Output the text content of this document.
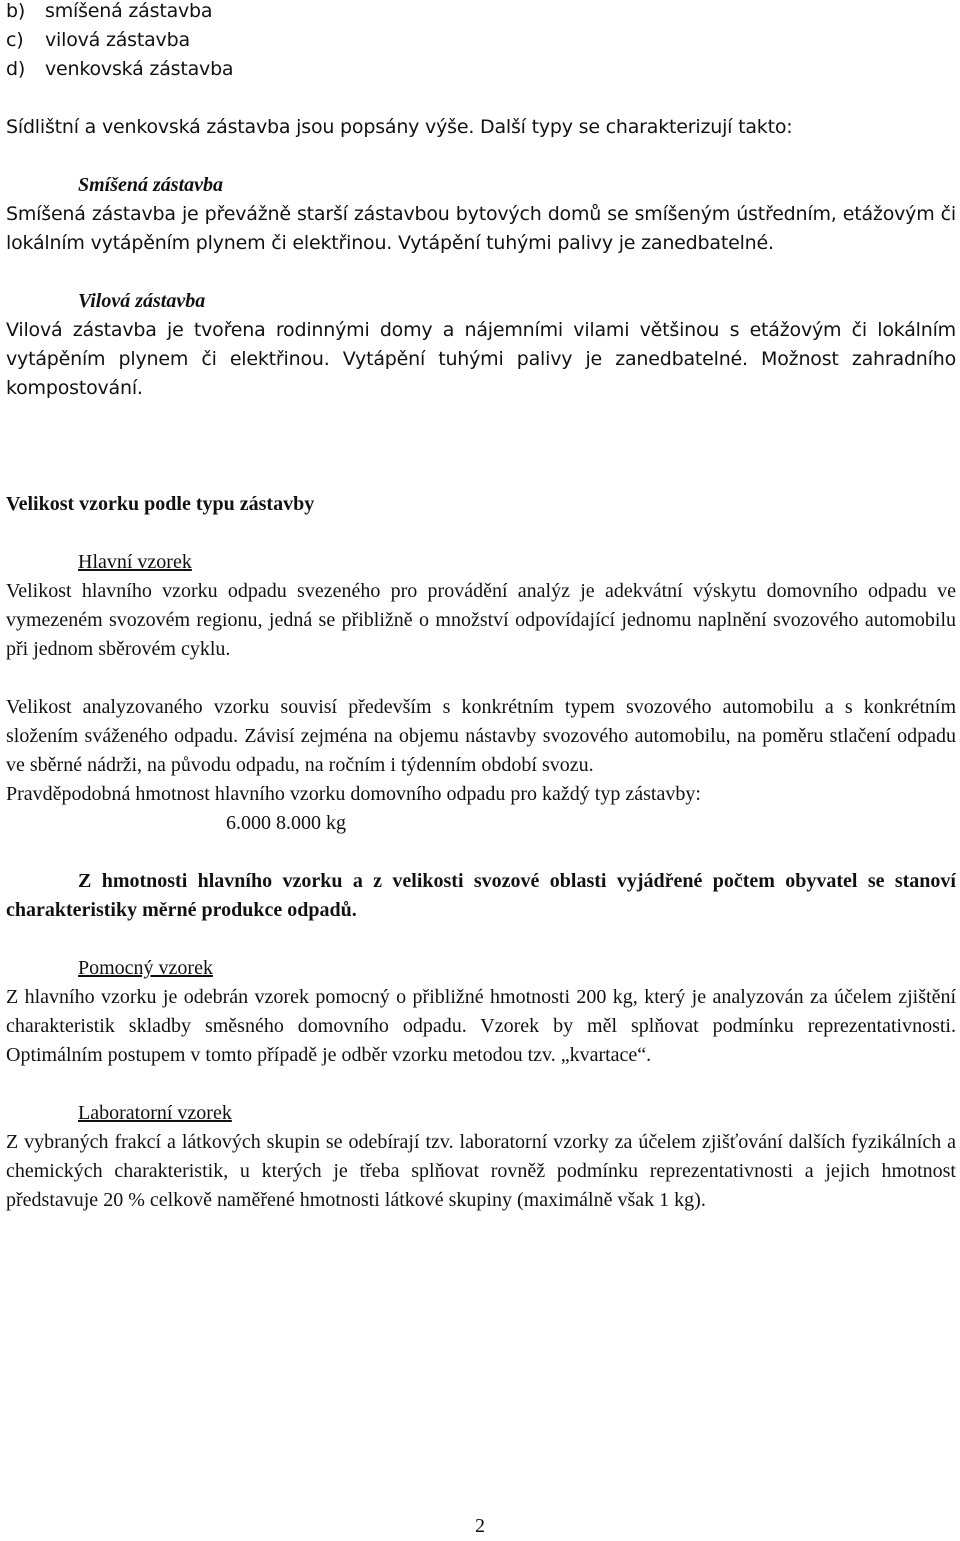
b) smíšená zástavba
c) vilová zástavba
d) venkovská zástavba

Sídlištní a venkovská zástavba jsou popsány výše. Další typy se charakterizují takto:

Smíšená zástavba

Smíšená zástavba je převážně starší zástavbou bytových domů se smíšeným ústředním, etážovým či lokálním vytápěním plynem či elektřinou. Vytápění tuhými palivy je zanedbatelné.

Vilová zástavba

Vilová zástavba je tvořena rodinnými domy a nájemními vilami většinou s etážovým či lokálním vytápěním plynem či elektřinou. Vytápění tuhými palivy je zanedbatelné. Možnost zahradního kompostování.

Velikost vzorku podle typu zástavby

Hlavní vzorek

Velikost hlavního vzorku odpadu svezeného pro provádění analýz je adekvátní výskytu domovního odpadu ve vymezeném svozovém regionu, jedná se přibližně o množství odpovídající jednomu naplnění svozového automobilu při jednom sběrovém cyklu.

Velikost analyzovaného vzorku souvisí především s konkrétním typem svozového automobilu a s konkrétním složením sváženého odpadu. Závisí zejména na objemu nástavby svozového automobilu, na poměru stlačení odpadu ve sběrné nádrži, na původu odpadu, na ročním i týdenním období svozu.

Pravděpodobná hmotnost hlavního vzorku domovního odpadu pro každý typ zástavby:

6.000 8.000 kg

Z hmotnosti hlavního vzorku a z velikosti svozové oblasti vyjádřené počtem obyvatel se stanoví charakteristiky měrné produkce odpadů.

Pomocný vzorek

Z hlavního vzorku je odebrán vzorek pomocný o přibližné hmotnosti 200 kg, který je analyzován za účelem zjištění charakteristik skladby směsného domovního odpadu. Vzorek by měl splňovat podmínku reprezentativnosti. Optimálním postupem v tomto případě je odběr vzorku metodou tzv. „kvartace“.

Laboratorní vzorek

Z vybraných frakcí a látkových skupin se odebírají tzv. laboratorní vzorky za účelem zjišťování dalších fyzikálních a chemických charakteristik, u kterých je třeba splňovat rovněž podmínku reprezentativnosti a jejich hmotnost představuje 20 % celkově naměřené hmotnosti látkové skupiny (maximálně však 1 kg).

2
